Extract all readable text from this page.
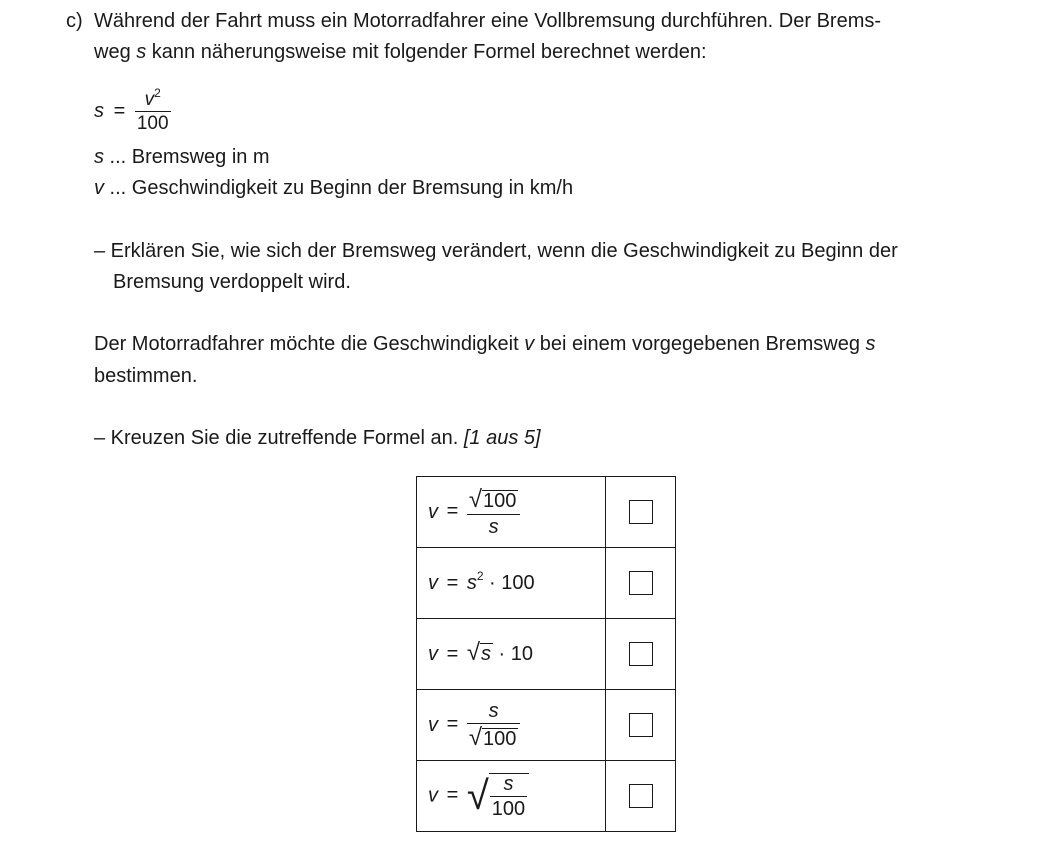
c) Während der Fahrt muss ein Motorradfahrer eine Vollbremsung durchführen. Der Brems-
weg s kann näherungsweise mit folgender Formel berechnet werden:
$s = \frac{v^2}{100}$
s ... Bremsweg in m
v ... Geschwindigkeit zu Beginn der Bremsung in km/h
– Erklären Sie, wie sich der Bremsweg verändert, wenn die Geschwindigkeit zu Beginn der
Bremsung verdoppelt wird.
Der Motorradfahrer möchte die Geschwindigkeit v bei einem vorgegebenen Bremsweg s
bestimmen.
– Kreuzen Sie die zutreffende Formel an. [1 aus 5]
$v = \frac{√100}{s}$

$v = s^2 \cdot 100$	
v = √s · 10	
$v = \frac{s}{√100}$

v = √ $\frac{s}{100}$
